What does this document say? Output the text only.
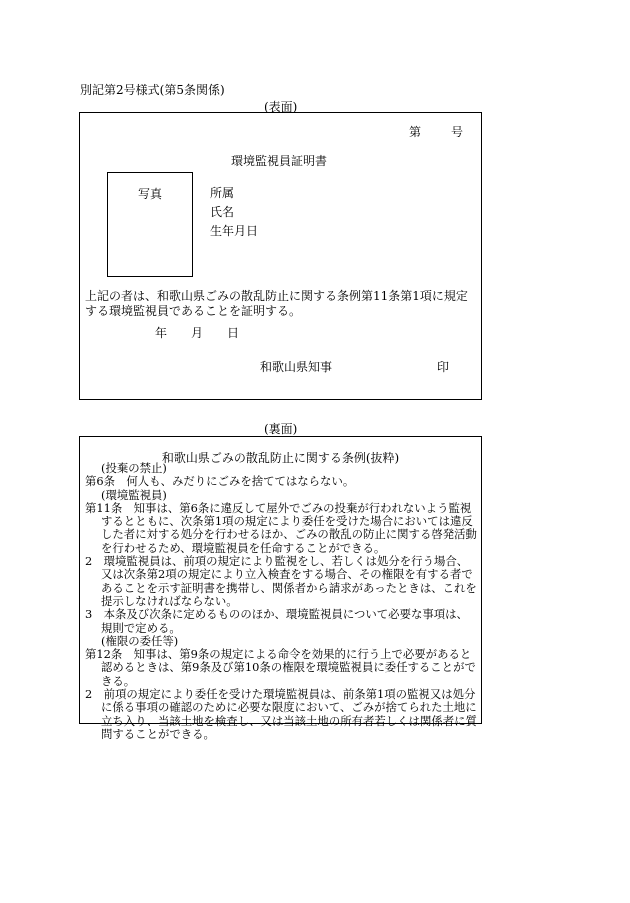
別記第2号様式(第5条関係)
(表面)
第	号
環境監視員証明書
写真	所属
氏名
生年月日
上記の者は、和歌山県ごみの散乱防止に関する条例第11条第1項に規定する環境監視員であることを証明する。
年 月 日
和歌山県知事	印
(裏面)
和歌山県ごみの散乱防止に関する条例(抜粋)
(投棄の禁止)
第6条　何人も、みだりにごみを捨ててはならない。
(環境監視員)
第11条　知事は、第6条に違反して屋外でごみの投棄が行われないよう監視するとともに、次条第1項の規定により委任を受けた場合においては違反した者に対する処分を行わせるほか、ごみの散乱の防止に関する啓発活動を行わせるため、環境監視員を任命することができる。
2　環境監視員は、前項の規定により監視をし、若しくは処分を行う場合、又は次条第2項の規定により立入検査をする場合、その権限を有する者であることを示す証明書を携帯し、関係者から請求があったときは、これを提示しなければならない。
3　本条及び次条に定めるもののほか、環境監視員について必要な事項は、規則で定める。
(権限の委任等)
第12条　知事は、第9条の規定による命令を効果的に行う上で必要があると認めるときは、第9条及び第10条の権限を環境監視員に委任することができる。
2　前項の規定により委任を受けた環境監視員は、前条第1項の監視又は処分に係る事項の確認のために必要な限度において、ごみが捨てられた土地に立ち入り、当該土地を検査し、又は当該土地の所有者若しくは関係者に質問することができる。
